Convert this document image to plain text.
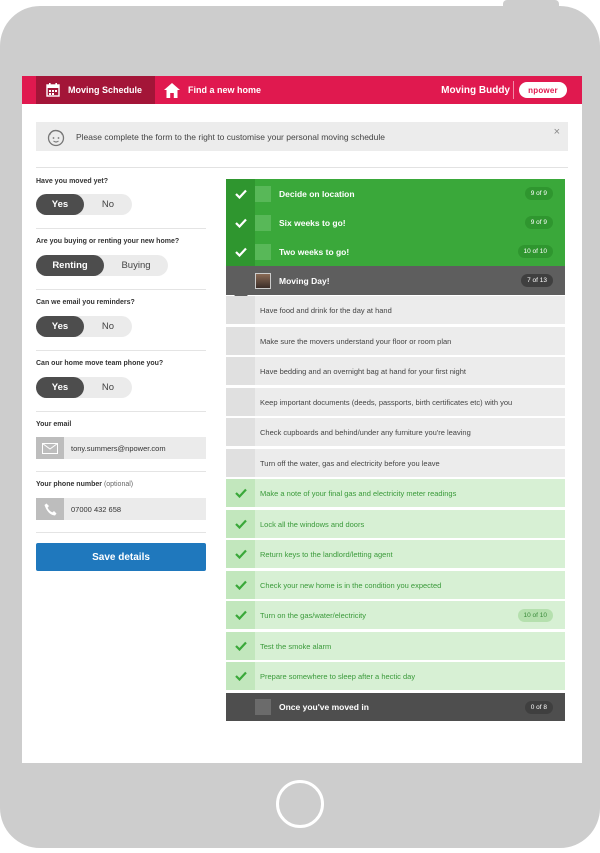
Moving Schedule	Find a new home	Moving Buddy	npower
Please complete the form to the right to customise your personal moving schedule	×
Have you moved yet?
Yes	No
Are you buying or renting your new home?
Renting	Buying
Can we email you reminders?
Yes	No
Can our home move team phone you?
Yes	No
Your email
tony.summers@npower.com
Your phone number (optional)
07000 432 658
Save details
Decide on location	9 of 9
Six weeks to go!	9 of 9
Two weeks to go!	10 of 10
Moving Day!	7 of 13
Have food and drink for the day at hand
Make sure the movers understand your floor or room plan
Have bedding and an overnight bag at hand for your first night
Keep important documents (deeds, passports, birth certificates etc) with you
Check cupboards and behind/under any furniture you're leaving
Turn off the water, gas and electricity before you leave
Make a note of your final gas and electricity meter readings
Lock all the windows and doors
Return keys to the landlord/letting agent
Check your new home is in the condition you expected
Turn on the gas/water/electricity	10 of 10
Test the smoke alarm
Prepare somewhere to sleep after a hectic day
Once you've moved in	0 of 8
